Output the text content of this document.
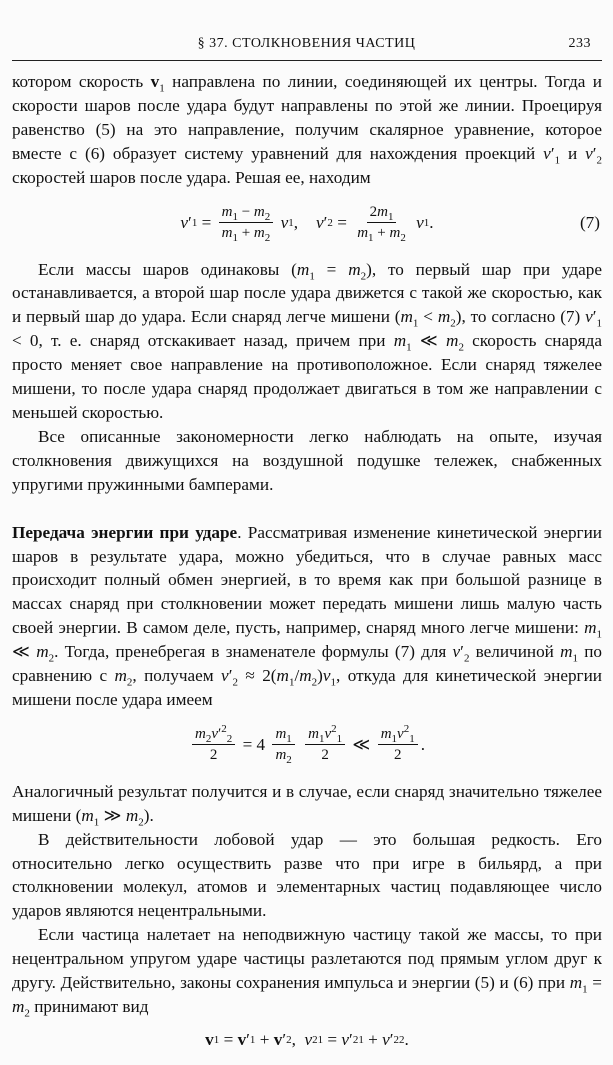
§ 37. СТОЛКНОВЕНИЯ ЧАСТИЦ	233

котором скорость $v_1$ направлена по линии, соединяющей их центры. Тогда и скорости шаров после удара будут направлены по этой же линии. Проецируя равенство (5) на это направление, получим скалярное уравнение, которое вместе с (6) образует систему уравнений для нахождения проекций $v'_1$ и $v'_2$ скоростей шаров после удара. Решая ее, находим

v ′ $1 = \frac{m_1 - m_2}{m_1 + m_2}$
v 1 , v ′ $2 = \frac{2m_1}{m_1 + m_2}$
v 1 .	(7)

Если массы шаров одинаковы $(m_1 = m_2)$, то первый шар при ударе останавливается, а второй шар после удара движется с такой же скоростью, как и первый шар до удара. Если снаряд легче мишени $(m_1 < m_2)$, то согласно (7) $v'_1 < 0$, т. е. снаряд отскакивает назад, причем при $m_1$ ≪ $m_2$ скорость снаряда просто меняет свое направление на противоположное. Если снаряд тяжелее мишени, то после удара снаряд продолжает двигаться в том же направлении с меньшей скоростью.

Все описанные закономерности легко наблюдать на опыте, изучая столкновения движущихся на воздушной подушке тележек, снабженных упругими пружинными бамперами.

Передача энергии при ударе. Рассматривая изменение кинетической энергии шаров в результате удара, можно убедиться, что в случае равных масс происходит полный обмен энергией, в то время как при большой разнице в массах снаряд при столкновении может передать мишени лишь малую часть своей энергии. В самом деле, пусть, например, снаряд много легче мишени: $m_1$ ≪ $m_2$. Тогда, пренебрегая в знаменателе формулы (7) для $v'_2$ величиной $m_1$ по сравнению с $m_2$, получаем $v'_2 \approx 2(m_1/m_2)v_1$, откуда для кинетической энергии мишени после удара имеем

$\frac{m_2v'^2_2}{2} = 4 \frac{m_1}{m_2}$
$\frac{m_1v^2_1}{2}$ ≪ $\frac{m_1v^2_1}{2}$ .

Аналогичный результат получится и в случае, если снаряд значительно тяжелее мишени ($m_1$ ≫ $m_2$).

В действительности лобовой удар — это большая редкость. Его относительно легко осуществить разве что при игре в бильярд, а при столкновении молекул, атомов и элементарных частиц подавляющее число ударов являются нецентральными.

Если частица налетает на неподвижную частицу такой же массы, то при нецентральном упругом ударе частицы разлетаются под прямым углом друг к другу. Действительно, законы сохранения импульса и энергии (5) и (6) при $m_1 = m_2$ принимают вид

v 1 = v ′ 1 + v ′ 2 , v 2 1 = v ′ 2 1 + v ′ 2 2 .
